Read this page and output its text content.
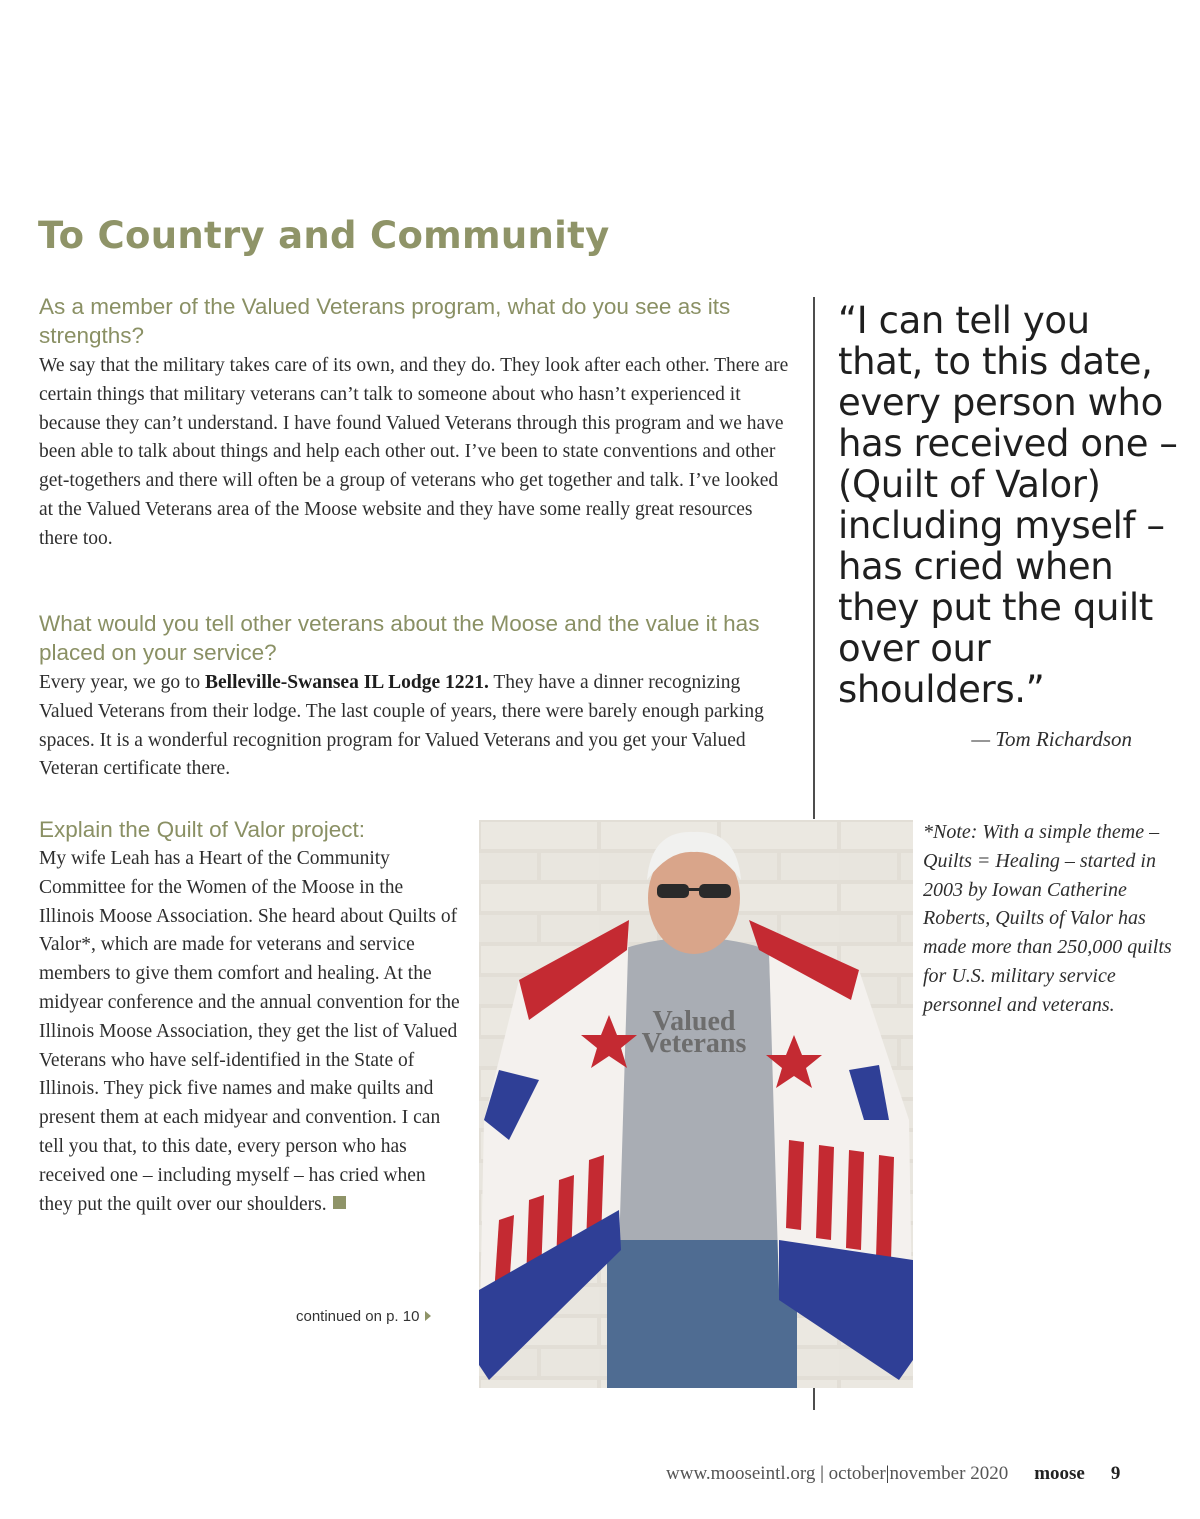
To Country and Community

As a member of the Valued Veterans program, what do you see as its strengths?

We say that the military takes care of its own, and they do. They look after each other. There are certain things that military veterans can’t talk to someone about who hasn’t experienced it because they can’t understand. I have found Valued Veterans through this program and we have been able to talk about things and help each other out. I’ve been to state conventions and other get-togethers and there will often be a group of veterans who get together and talk. I’ve looked at the Valued Veterans area of the Moose website and they have some really great resources there too.

What would you tell other veterans about the Moose and the value it has placed on your service?

Every year, we go to Belleville-Swansea IL Lodge 1221. They have a dinner recognizing Valued Veterans from their lodge. The last couple of years, there were barely enough parking spaces. It is a wonderful recognition program for Valued Veterans and you get your Valued Veteran certificate there.

Explain the Quilt of Valor project:

My wife Leah has a Heart of the Community Committee for the Women of the Moose in the Illinois Moose Association. She heard about Quilts of Valor*, which are made for veterans and service members to give them comfort and healing. At the midyear conference and the annual convention for the Illinois Moose Association, they get the list of Valued Veterans who have self-identified in the State of Illinois. They pick five names and make quilts and present them at each midyear and convention. I can tell you that, to this date, every person who has received one – including myself – has cried when they put the quilt over our shoulders.

continued on p. 10

“I can tell you that, to this date, every person who has received one – (Quilt of Valor) including myself – has cried when they put the quilt over our shoulders.”

— Tom Richardson

*Note: With a simple theme – Quilts = Healing – started in 2003 by Iowan Catherine Roberts, Quilts of Valor has made more than 250,000 quilts for U.S. military service personnel and veterans.

Valued
Veterans

www.mooseintl.org | october|november 2020 moose 9
